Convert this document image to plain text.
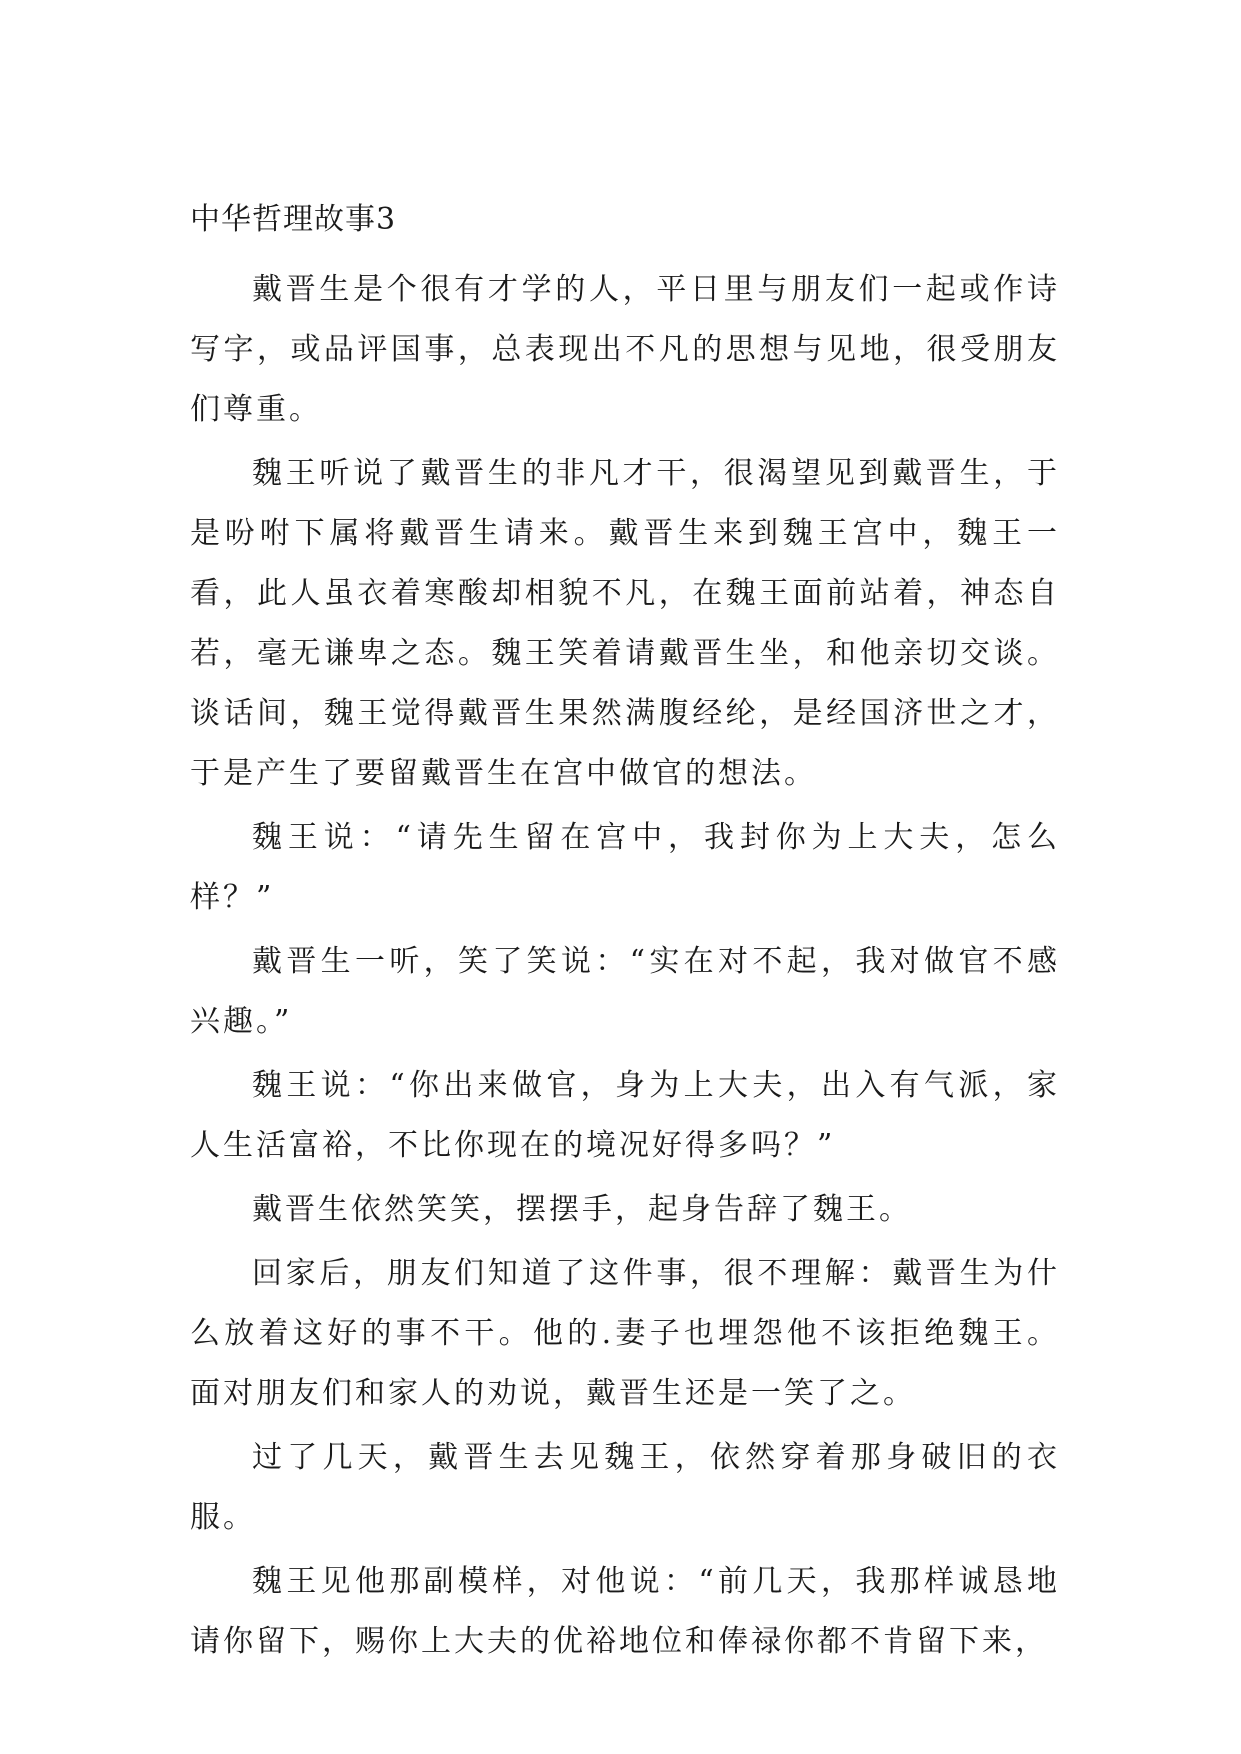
中华哲理故事3

戴晋生是个很有才学的人，平日里与朋友们一起或作诗写字，或品评国事，总表现出不凡的思想与见地，很受朋友们尊重。

魏王听说了戴晋生的非凡才干，很渴望见到戴晋生，于是吩咐下属将戴晋生请来。戴晋生来到魏王宫中，魏王一看，此人虽衣着寒酸却相貌不凡，在魏王面前站着，神态自若，毫无谦卑之态。魏王笑着请戴晋生坐，和他亲切交谈。谈话间，魏王觉得戴晋生果然满腹经纶，是经国济世之才，于是产生了要留戴晋生在宫中做官的想法。

魏王说：“请先生留在宫中，我封你为上大夫，怎么样？”

戴晋生一听，笑了笑说：“实在对不起，我对做官不感兴趣。”

魏王说：“你出来做官，身为上大夫，出入有气派，家人生活富裕，不比你现在的境况好得多吗？”

戴晋生依然笑笑，摆摆手，起身告辞了魏王。

回家后，朋友们知道了这件事，很不理解：戴晋生为什么放着这好的事不干。他的.妻子也埋怨他不该拒绝魏王。面对朋友们和家人的劝说，戴晋生还是一笑了之。

过了几天，戴晋生去见魏王，依然穿着那身破旧的衣服。

魏王见他那副模样，对他说：“前几天，我那样诚恳地请你留下，赐你上大夫的优裕地位和俸禄你都不肯留下来，
